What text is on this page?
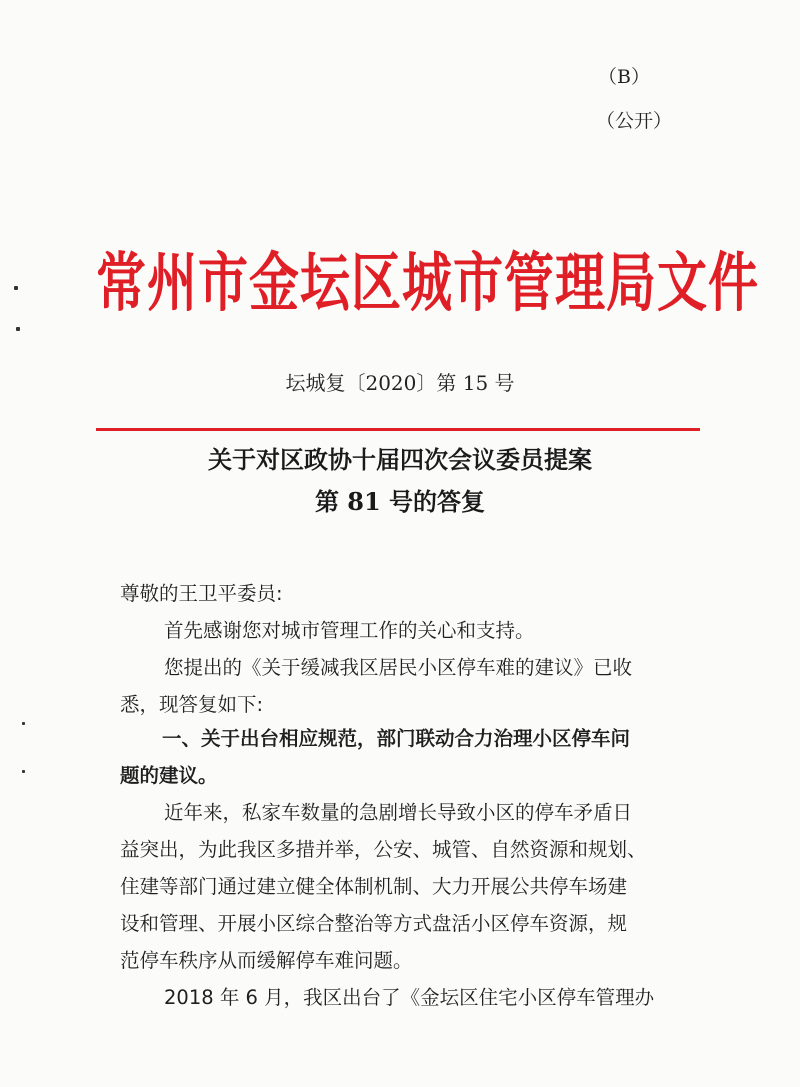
（B）
（公开）
常州市金坛区城市管理局文件
坛城复〔2020〕第 15 号
关于对区政协十届四次会议委员提案
第 81 号的答复
尊敬的王卫平委员:
首先感谢您对城市管理工作的关心和支持。
您提出的《关于缓减我区居民小区停车难的建议》已收
悉，现答复如下:
一、关于出台相应规范，部门联动合力治理小区停车问
题的建议。
近年来，私家车数量的急剧增长导致小区的停车矛盾日
益突出，为此我区多措并举，公安、城管、自然资源和规划、
住建等部门通过建立健全体制机制、大力开展公共停车场建
设和管理、开展小区综合整治等方式盘活小区停车资源，规
范停车秩序从而缓解停车难问题。
2018 年 6 月，我区出台了《金坛区住宅小区停车管理办
